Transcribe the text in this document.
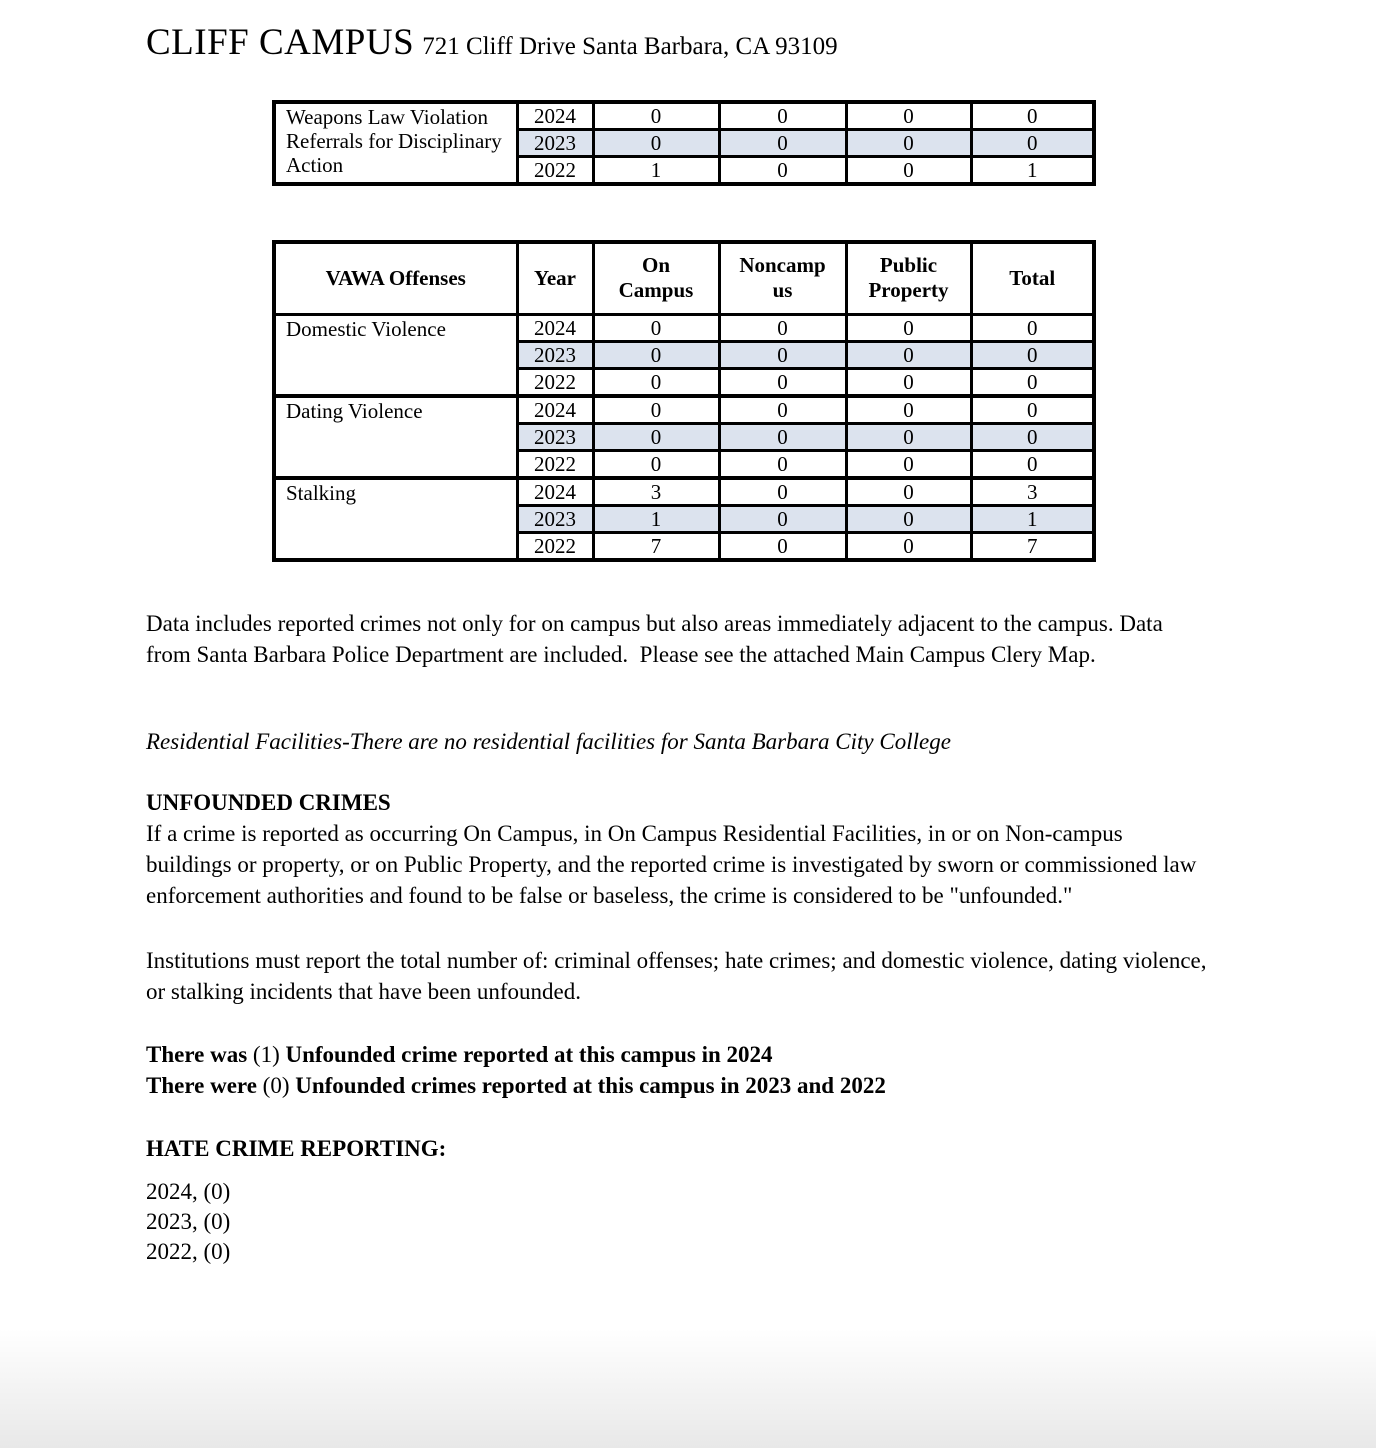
CLIFF CAMPUS 721 Cliff Drive Santa Barbara, CA 93109
Weapons Law Violation Referrals for Disciplinary Action	2024	0	0	0	0
	2023	0	0	0	0
	2022	1	0	0	1
VAWA Offenses	Year	On Campus	Noncampus	Public Property	Total
Domestic Violence	2024	0	0	0	0
	2023	0	0	0	0
	2022	0	0	0	0
Dating Violence	2024	0	0	0	0
	2023	0	0	0	0
	2022	0	0	0	0
Stalking	2024	3	0	0	3
	2023	1	0	0	1
	2022	7	0	0	7

Data includes reported crimes not only for on campus but also areas immediately adjacent to the campus. Data from Santa Barbara Police Department are included.  Please see the attached Main Campus Clery Map.

Residential Facilities-There are no residential facilities for Santa Barbara City College

UNFOUNDED CRIMES

If a crime is reported as occurring On Campus, in On Campus Residential Facilities, in or on Non-campus buildings or property, or on Public Property, and the reported crime is investigated by sworn or commissioned law enforcement authorities and found to be false or baseless, the crime is considered to be "unfounded."

Institutions must report the total number of: criminal offenses; hate crimes; and domestic violence, dating violence, or stalking incidents that have been unfounded.

There was (1) Unfounded crime reported at this campus in 2024
There were (0) Unfounded crimes reported at this campus in 2023 and 2022

HATE CRIME REPORTING:

2024, (0)
2023, (0)
2022, (0)
